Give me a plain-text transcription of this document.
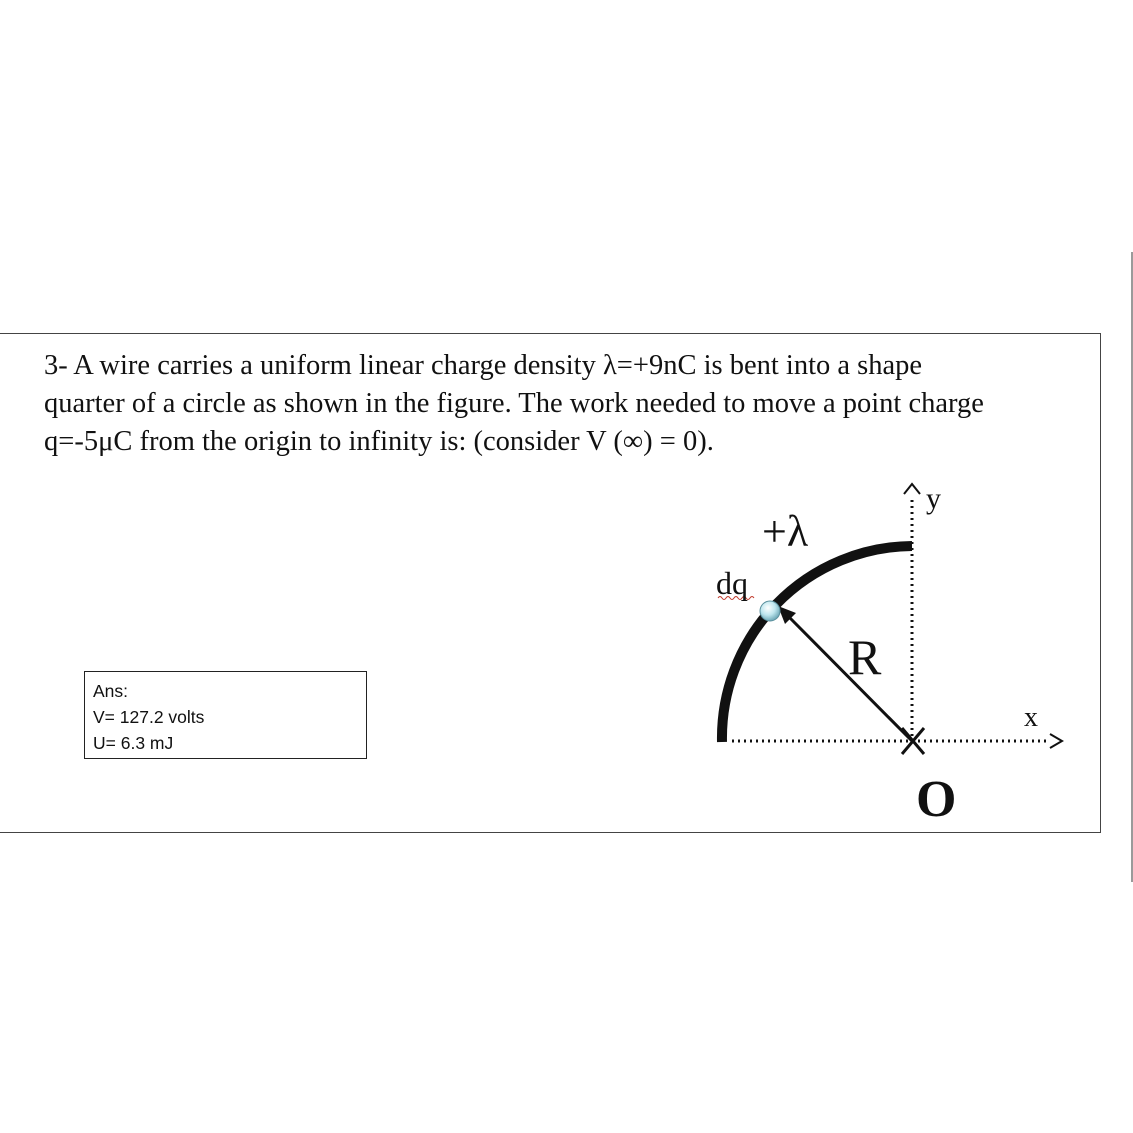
3- A wire carries a uniform linear charge density λ=+9nC is bent into a shape
quarter of a circle as shown in the figure. The work needed to move a point charge
q=-5μC from the origin to infinity is: (consider V (∞) = 0).
Ans:
V= 127.2 volts
U= 6.3 mJ
+λ
dq
R
y
x
O
